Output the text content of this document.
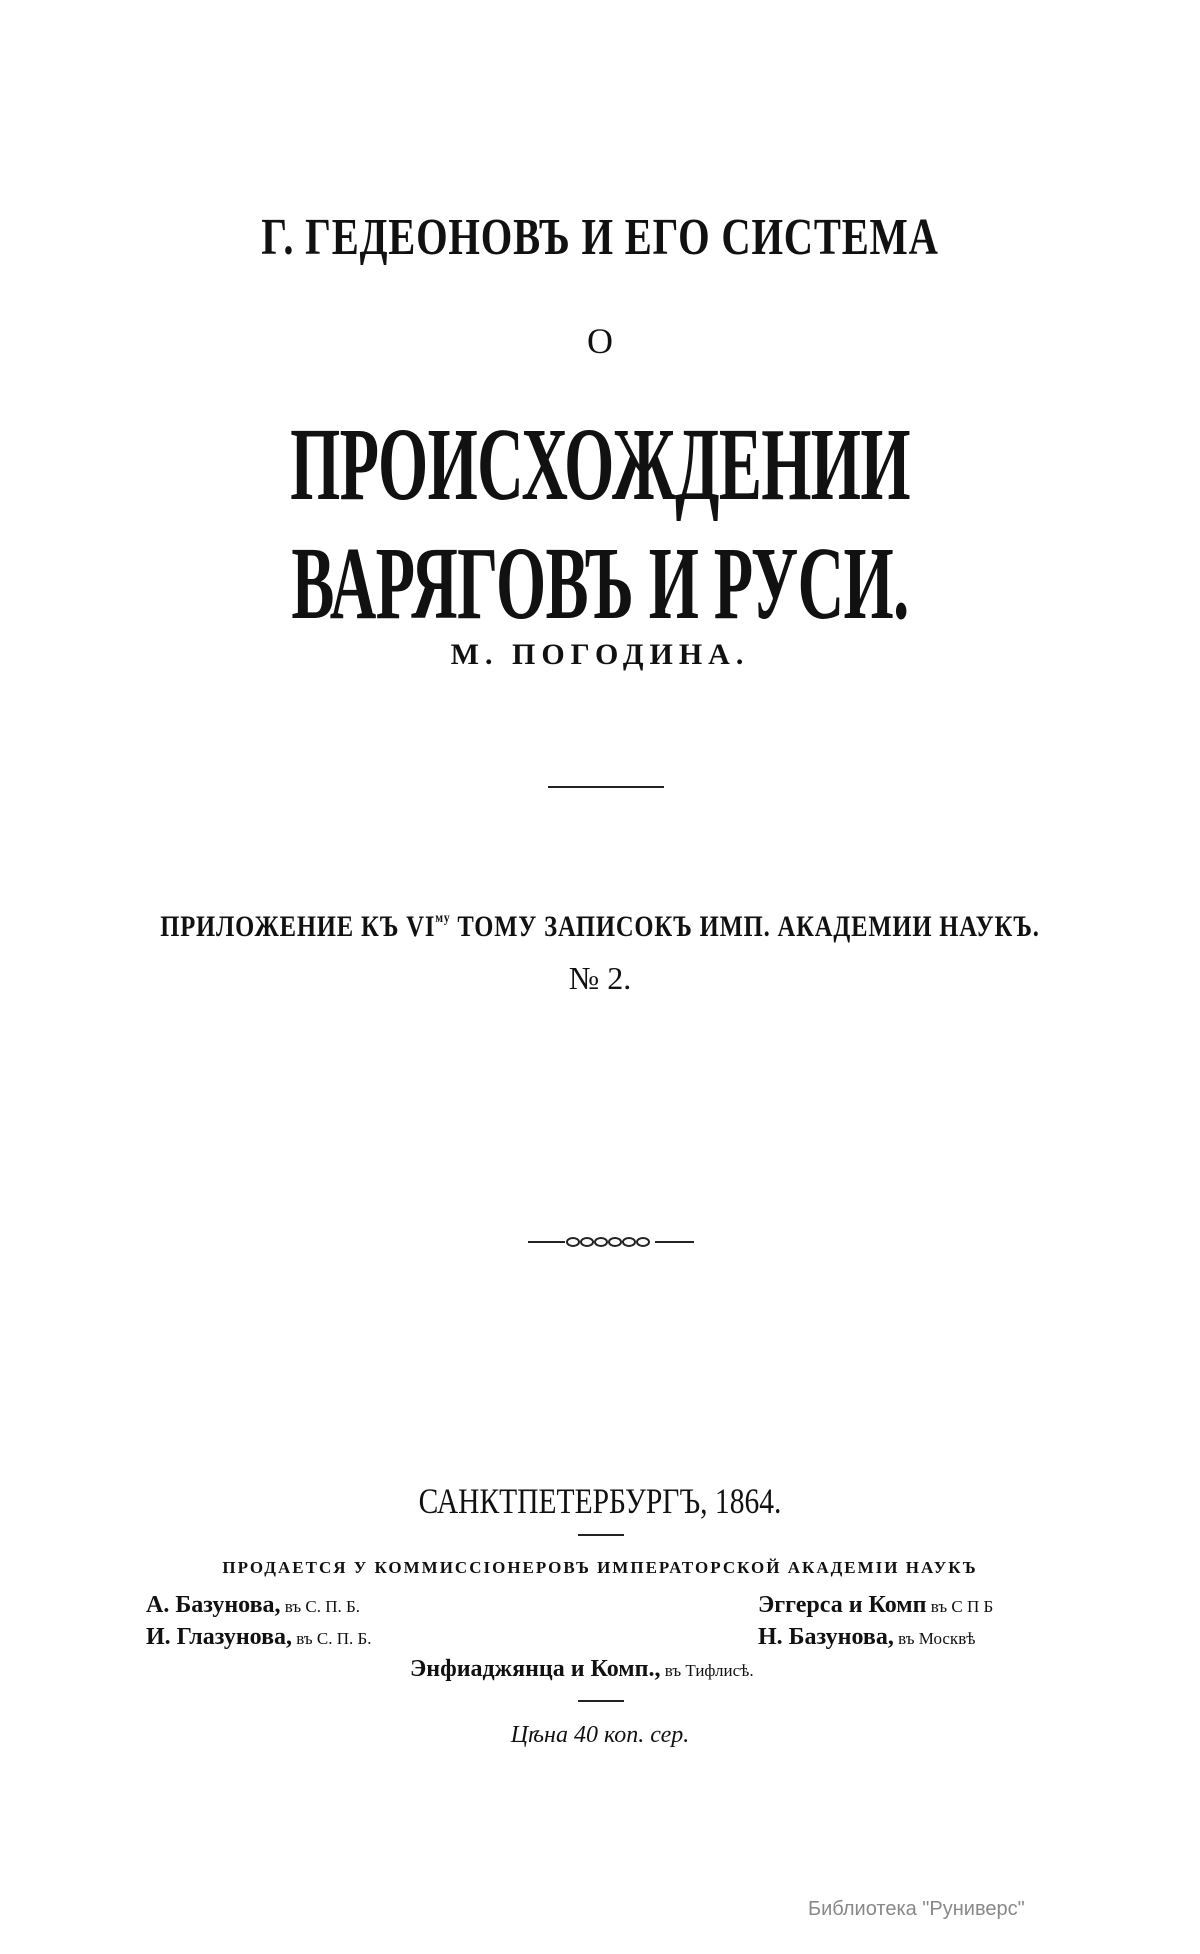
Г. ГЕДЕОНОВЪ И ЕГО СИСТЕМА
О
ПРОИСХОЖДЕНИИ ВАРЯГОВЪ И РУСИ.
М. ПОГОДИНА.
ПРИЛОЖЕНИЕ КЪ $VI^{му}$ ТОМУ ЗАПИСОКЪ ИМП. АКАДЕМИИ НАУКЪ.
№ 2.
САНКТПЕТЕРБУРГЪ, 1864.
ПРОДАЕТСЯ У КОММИССІОНЕРОВЪ ИМПЕРАТОРСКОЙ АКАДЕМІИ НАУКЪ
А. Базунова, въ С. П. Б.	Эггерса и Комп въ С П Б
И. Глазунова, въ С. П. Б.	Н. Базунова, въ Москвѣ
Энфиаджянца и Комп., въ Тифлисѣ.
Цѣна 40 коп. сер.
Библиотека "Руниверс"
